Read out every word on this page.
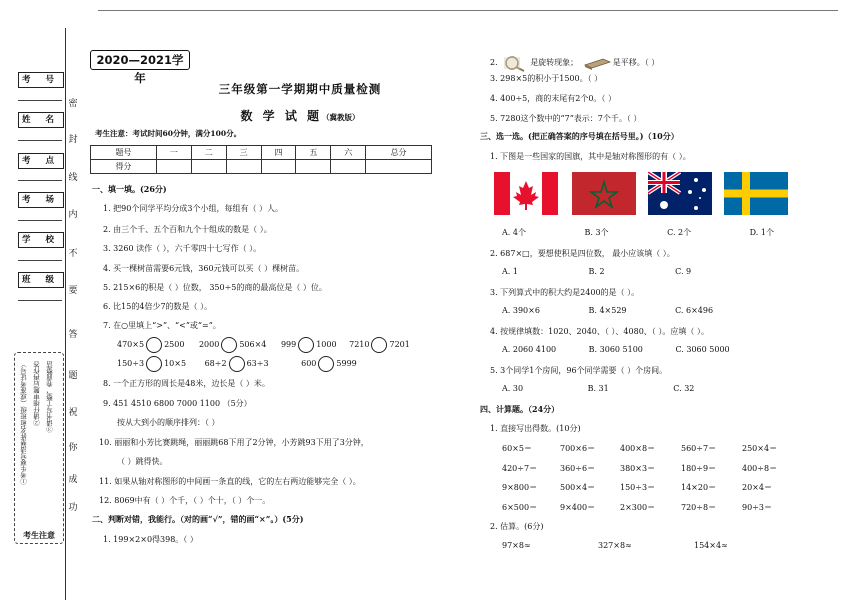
考 号
姓 名
考 点
考 场
学 校
班 级
密
封
线
内
不
要
答
题
祝
你
成
功
①考生要写清楚姓名和班级（或准考证号） ②请仔细审题后再作答 ③请书写工整，卷面整洁
考生注意
2020—2021学年
三年级第一学期期中质量检测
数 学 试 题（冀教版）
考生注意：考试时间60分钟，满分100分。
题号	一	二	三	四	五	六	总分
得分							
一、填一填。(26分)
1. 把90个同学平均分成3个小组，每组有（ ）人。
2. 由三个千、五个百和九个十组成的数是（ ）。
3. 3260 读作（ ），六千零四十七写作（ ）。
4. 买一棵树苗需要6元钱，360元钱可以买（ ）棵树苗。
5. 215×6的积是（ ）位数， 350÷5的商的最高位是（ ）位。
6. 比15的4倍少7的数是（ ）。
7. 在○里填上“>”、“<”或“=”。
470×5	2500 2000	506×4 999	1000 7210	7201
150÷3	10×5 68÷2	63÷3	600	5999
8. 一个正方形的周长是48米，边长是（ ）米。
9. 451 4510 6800 7000 1100 （5分）
按从大到小的顺序排列：（ ）
10. 丽丽和小芳比赛跳绳，丽丽跳68下用了2分钟，小芳跳93下用了3分钟，
（ ）跳得快。
11. 如果从轴对称图形的中间画一条直的线，它的左右两边能够完全（ ）。
12. 8069中有（ ）个千，（ ）个十，（ ）个一。
二、判断对错，我能行。（对的画“√”，错的画“×”。）(5分)
1. 199×2×0得398。（ ）
2.	是旋转现象；	是平移。（ ）
3. 298×5的积小于1500。（ ）
4. 400÷5，商的末尾有2个0。（ ）
5. 7280这个数中的“7”表示：7个千。（ ）
三、选一选。(把正确答案的序号填在括号里。)（10分）
1. 下图是一些国家的国旗，其中是轴对称图形的有（ ）。
A. 4个	B. 3个	C. 2个	D. 1个
2. 687×□，要想使积是四位数， 最小应该填（ ）。
A. 1	B. 2	C. 9
3. 下列算式中的积大约是2400的是（ ）。
A. 390×6	B. 4×529	C. 6×496
4. 按规律填数：1020、2040、（ ）、4080、（ ）。应填（ ）。
A. 2060 4100	B. 3060 5100	C. 3060 5000
5. 3个同学1个房间，96个同学需要（ ）个房间。
A. 30	B. 31	C. 32
四、计算题。（24分）
1. 直接写出得数。(10分)
60×5＝	700×6＝	400×8＝	560÷7＝	250×4＝
420÷7＝	360÷6＝	380×3＝	180÷9＝	400÷8＝
9×800＝	500×4＝	150÷3＝	14×20＝	20×4＝
6×500＝	9×400＝	2×300＝	720÷8＝	90÷3＝
2. 估算。(6分)
97×8≈	327×8≈	154×4≈
